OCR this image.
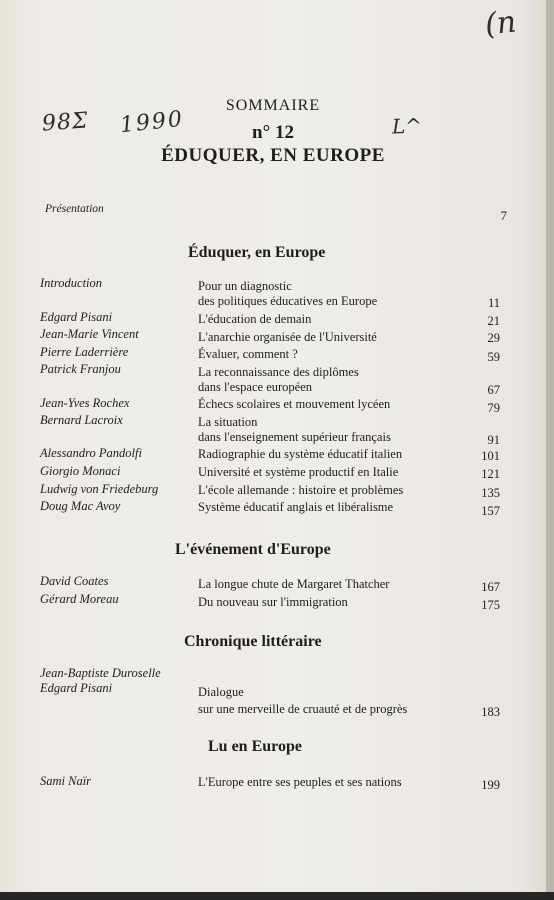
(n
98Σ 1990	L^
SOMMAIRE
n° 12
ÉDUQUER, EN EUROPE
Présentation	7
Éduquer, en Europe
Introduction	Pour un diagnostic
des politiques éducatives en Europe	11
Edgard Pisani	L'éducation de demain	21
Jean-Marie Vincent	L'anarchie organisée de l'Université	29
Pierre Laderrière	Évaluer, comment ?	59
Patrick Franjou	La reconnaissance des diplômes
dans l'espace européen	67
Jean-Yves Rochex	Échecs scolaires et mouvement lycéen	79
Bernard Lacroix	La situation
dans l'enseignement supérieur français	91
Alessandro Pandolfi	Radiographie du système éducatif italien	101
Giorgio Monaci	Université et système productif en Italie	121
Ludwig von Friedeburg	L'école allemande : histoire et problèmes	135
Doug Mac Avoy	Système éducatif anglais et libéralisme	157
L'événement d'Europe
David Coates	La longue chute de Margaret Thatcher	167
Gérard Moreau	Du nouveau sur l'immigration	175
Chronique littéraire
Jean-Baptiste Duroselle
Edgard Pisani	Dialogue
sur une merveille de cruauté et de progrès	183
Lu en Europe
Sami Naïr	L'Europe entre ses peuples et ses nations	199
